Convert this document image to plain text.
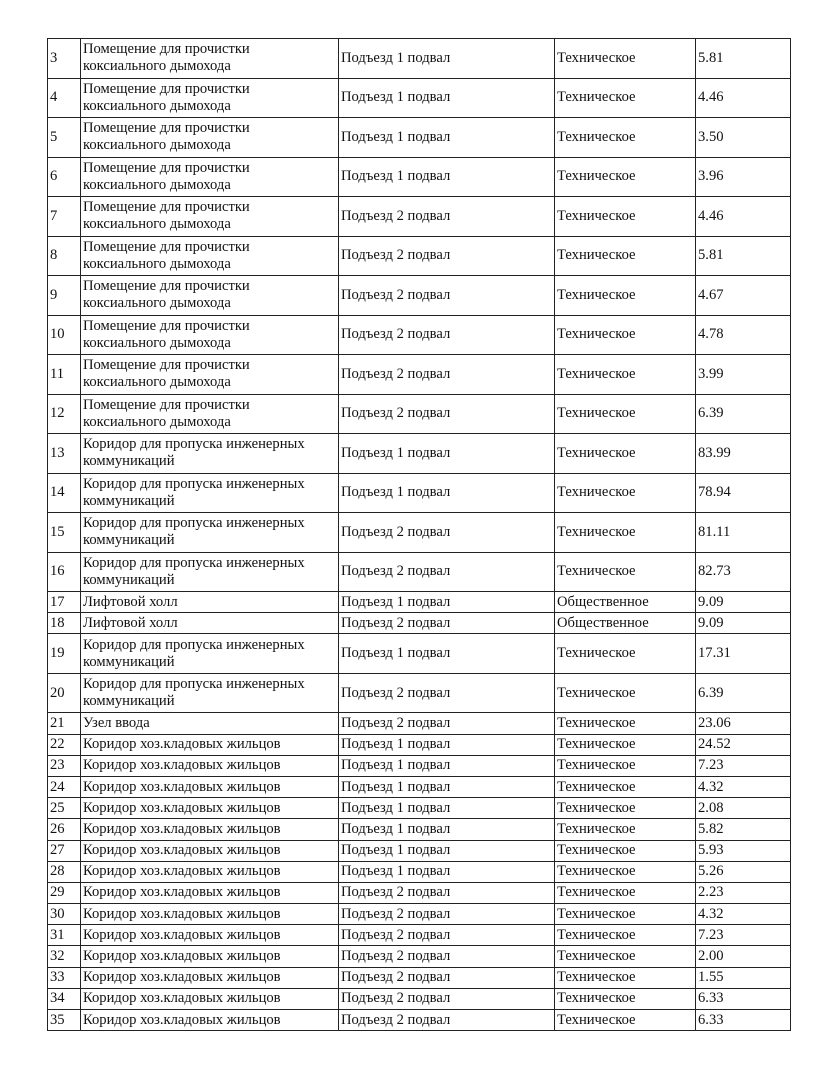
3	Помещение для прочистки
коксиального дымохода	Подъезд 1 подвал	Техническое	5.81
4	Помещение для прочистки
коксиального дымохода	Подъезд 1 подвал	Техническое	4.46
5	Помещение для прочистки
коксиального дымохода	Подъезд 1 подвал	Техническое	3.50
6	Помещение для прочистки
коксиального дымохода	Подъезд 1 подвал	Техническое	3.96
7	Помещение для прочистки
коксиального дымохода	Подъезд 2 подвал	Техническое	4.46
8	Помещение для прочистки
коксиального дымохода	Подъезд 2 подвал	Техническое	5.81
9	Помещение для прочистки
коксиального дымохода	Подъезд 2 подвал	Техническое	4.67
10	Помещение для прочистки
коксиального дымохода	Подъезд 2 подвал	Техническое	4.78
11	Помещение для прочистки
коксиального дымохода	Подъезд 2 подвал	Техническое	3.99
12	Помещение для прочистки
коксиального дымохода	Подъезд 2 подвал	Техническое	6.39
13	Коридор для пропуска инженерных
коммуникаций	Подъезд 1 подвал	Техническое	83.99
14	Коридор для пропуска инженерных
коммуникаций	Подъезд 1 подвал	Техническое	78.94
15	Коридор для пропуска инженерных
коммуникаций	Подъезд 2 подвал	Техническое	81.11
16	Коридор для пропуска инженерных
коммуникаций	Подъезд 2 подвал	Техническое	82.73
17	Лифтовой холл	Подъезд 1 подвал	Общественное	9.09
18	Лифтовой холл	Подъезд 2 подвал	Общественное	9.09
19	Коридор для пропуска инженерных
коммуникаций	Подъезд 1 подвал	Техническое	17.31
20	Коридор для пропуска инженерных
коммуникаций	Подъезд 2 подвал	Техническое	6.39
21	Узел ввода	Подъезд 2 подвал	Техническое	23.06
22	Коридор хоз.кладовых жильцов	Подъезд 1 подвал	Техническое	24.52
23	Коридор хоз.кладовых жильцов	Подъезд 1 подвал	Техническое	7.23
24	Коридор хоз.кладовых жильцов	Подъезд 1 подвал	Техническое	4.32
25	Коридор хоз.кладовых жильцов	Подъезд 1 подвал	Техническое	2.08
26	Коридор хоз.кладовых жильцов	Подъезд 1 подвал	Техническое	5.82
27	Коридор хоз.кладовых жильцов	Подъезд 1 подвал	Техническое	5.93
28	Коридор хоз.кладовых жильцов	Подъезд 1 подвал	Техническое	5.26
29	Коридор хоз.кладовых жильцов	Подъезд 2 подвал	Техническое	2.23
30	Коридор хоз.кладовых жильцов	Подъезд 2 подвал	Техническое	4.32
31	Коридор хоз.кладовых жильцов	Подъезд 2 подвал	Техническое	7.23
32	Коридор хоз.кладовых жильцов	Подъезд 2 подвал	Техническое	2.00
33	Коридор хоз.кладовых жильцов	Подъезд 2 подвал	Техническое	1.55
34	Коридор хоз.кладовых жильцов	Подъезд 2 подвал	Техническое	6.33
35	Коридор хоз.кладовых жильцов	Подъезд 2 подвал	Техническое	6.33
